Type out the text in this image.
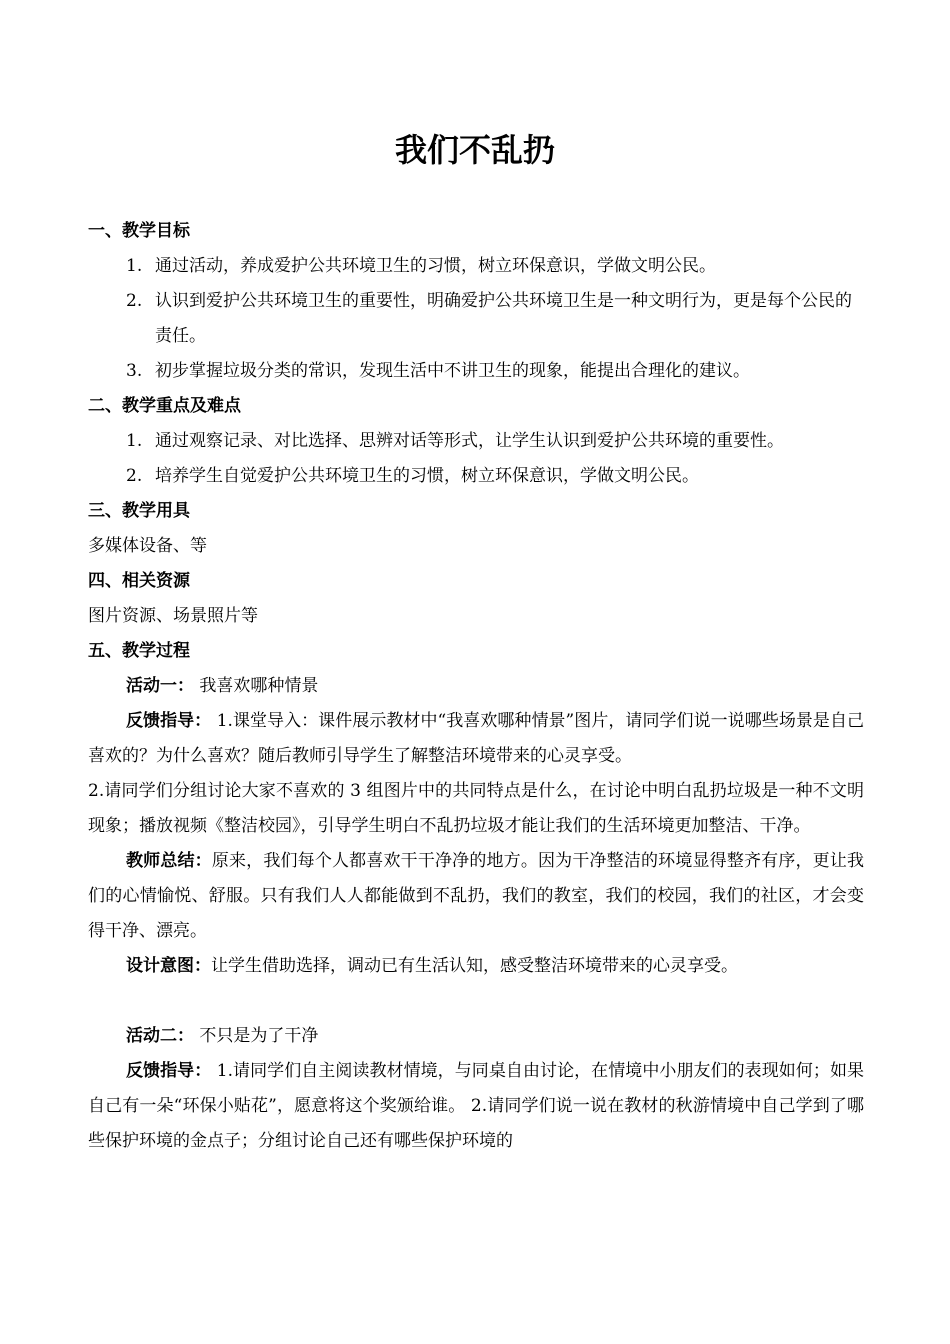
我们不乱扔

一、教学目标

1. 通过活动，养成爱护公共环境卫生的习惯，树立环保意识，学做文明公民。

2. 认识到爱护公共环境卫生的重要性，明确爱护公共环境卫生是一种文明行为，更是每个公民的责任。

3. 初步掌握垃圾分类的常识，发现生活中不讲卫生的现象，能提出合理化的建议。

二、教学重点及难点

1. 通过观察记录、对比选择、思辨对话等形式，让学生认识到爱护公共环境的重要性。

2. 培养学生自觉爱护公共环境卫生的习惯，树立环保意识，学做文明公民。

三、教学用具

多媒体设备、等

四、相关资源

图片资源、场景照片等

五、教学过程

活动一： 我喜欢哪种情景

反馈指导： 1.课堂导入：课件展示教材中“我喜欢哪种情景”图片，请同学们说一说哪些场景是自己喜欢的？为什么喜欢？随后教师引导学生了解整洁环境带来的心灵享受。

2.请同学们分组讨论大家不喜欢的 3 组图片中的共同特点是什么，在讨论中明白乱扔垃圾是一种不文明现象；播放视频《整洁校园》，引导学生明白不乱扔垃圾才能让我们的生活环境更加整洁、干净。

教师总结：原来，我们每个人都喜欢干干净净的地方。因为干净整洁的环境显得整齐有序，更让我们的心情愉悦、舒服。只有我们人人都能做到不乱扔，我们的教室，我们的校园，我们的社区，才会变得干净、漂亮。

设计意图：让学生借助选择，调动已有生活认知，感受整洁环境带来的心灵享受。

活动二： 不只是为了干净

反馈指导： 1.请同学们自主阅读教材情境，与同桌自由讨论，在情境中小朋友们的表现如何；如果自己有一朵“环保小贴花”，愿意将这个奖颁给谁。 2.请同学们说一说在教材的秋游情境中自己学到了哪些保护环境的金点子；分组讨论自己还有哪些保护环境的
